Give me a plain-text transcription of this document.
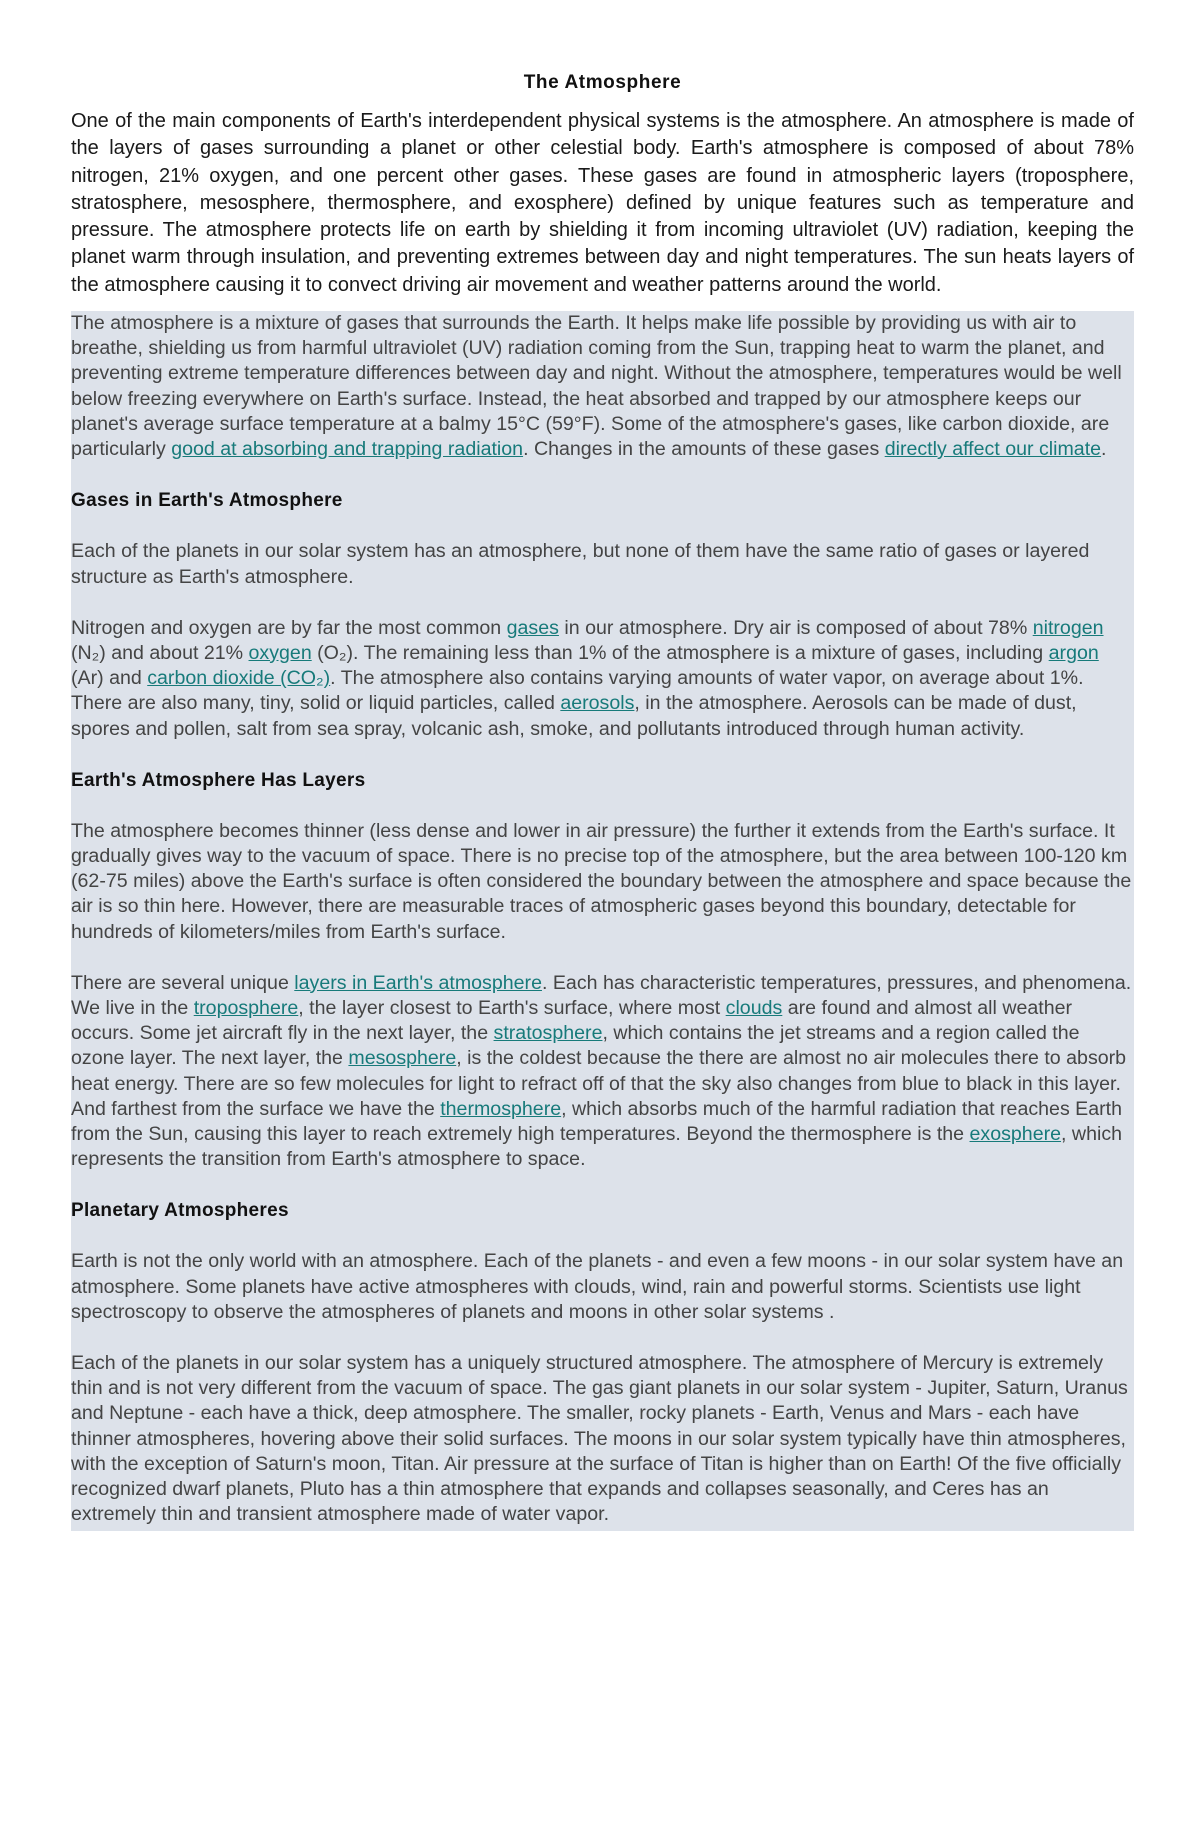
The Atmosphere

One of the main components of Earth's interdependent physical systems is the atmosphere. An atmosphere is made of the layers of gases surrounding a planet or other celestial body. Earth's atmosphere is composed of about 78% nitrogen, 21% oxygen, and one percent other gases. These gases are found in atmospheric layers (troposphere, stratosphere, mesosphere, thermosphere, and exosphere) defined by unique features such as temperature and pressure. The atmosphere protects life on earth by shielding it from incoming ultraviolet (UV) radiation, keeping the planet warm through insulation, and preventing extremes between day and night temperatures. The sun heats layers of the atmosphere causing it to convect driving air movement and weather patterns around the world.

The atmosphere is a mixture of gases that surrounds the Earth. It helps make life possible by providing us with air to breathe, shielding us from harmful ultraviolet (UV) radiation coming from the Sun, trapping heat to warm the planet, and preventing extreme temperature differences between day and night. Without the atmosphere, temperatures would be well below freezing everywhere on Earth's surface. Instead, the heat absorbed and trapped by our atmosphere keeps our planet's average surface temperature at a balmy 15°C (59°F). Some of the atmosphere's gases, like carbon dioxide, are particularly good at absorbing and trapping radiation. Changes in the amounts of these gases directly affect our climate.

Gases in Earth's Atmosphere

Each of the planets in our solar system has an atmosphere, but none of them have the same ratio of gases or layered structure as Earth's atmosphere.

Nitrogen and oxygen are by far the most common gases in our atmosphere. Dry air is composed of about 78% nitrogen (N₂) and about 21% oxygen (O₂). The remaining less than 1% of the atmosphere is a mixture of gases, including argon (Ar) and carbon dioxide (CO₂). The atmosphere also contains varying amounts of water vapor, on average about 1%. There are also many, tiny, solid or liquid particles, called aerosols, in the atmosphere. Aerosols can be made of dust, spores and pollen, salt from sea spray, volcanic ash, smoke, and pollutants introduced through human activity.

Earth's Atmosphere Has Layers

The atmosphere becomes thinner (less dense and lower in air pressure) the further it extends from the Earth's surface. It gradually gives way to the vacuum of space. There is no precise top of the atmosphere, but the area between 100-120 km (62-75 miles) above the Earth's surface is often considered the boundary between the atmosphere and space because the air is so thin here. However, there are measurable traces of atmospheric gases beyond this boundary, detectable for hundreds of kilometers/miles from Earth's surface.

There are several unique layers in Earth's atmosphere. Each has characteristic temperatures, pressures, and phenomena. We live in the troposphere, the layer closest to Earth's surface, where most clouds are found and almost all weather occurs. Some jet aircraft fly in the next layer, the stratosphere, which contains the jet streams and a region called the ozone layer. The next layer, the mesosphere, is the coldest because the there are almost no air molecules there to absorb heat energy. There are so few molecules for light to refract off of that the sky also changes from blue to black in this layer. And farthest from the surface we have the thermosphere, which absorbs much of the harmful radiation that reaches Earth from the Sun, causing this layer to reach extremely high temperatures. Beyond the thermosphere is the exosphere, which represents the transition from Earth's atmosphere to space.

Planetary Atmospheres

Earth is not the only world with an atmosphere. Each of the planets - and even a few moons - in our solar system have an atmosphere. Some planets have active atmospheres with clouds, wind, rain and powerful storms. Scientists use light spectroscopy to observe the atmospheres of planets and moons in other solar systems .

Each of the planets in our solar system has a uniquely structured atmosphere. The atmosphere of Mercury is extremely thin and is not very different from the vacuum of space. The gas giant planets in our solar system - Jupiter, Saturn, Uranus and Neptune - each have a thick, deep atmosphere. The smaller, rocky planets - Earth, Venus and Mars - each have thinner atmospheres, hovering above their solid surfaces. The moons in our solar system typically have thin atmospheres, with the exception of Saturn's moon, Titan. Air pressure at the surface of Titan is higher than on Earth! Of the five officially recognized dwarf planets, Pluto has a thin atmosphere that expands and collapses seasonally, and Ceres has an extremely thin and transient atmosphere made of water vapor.
